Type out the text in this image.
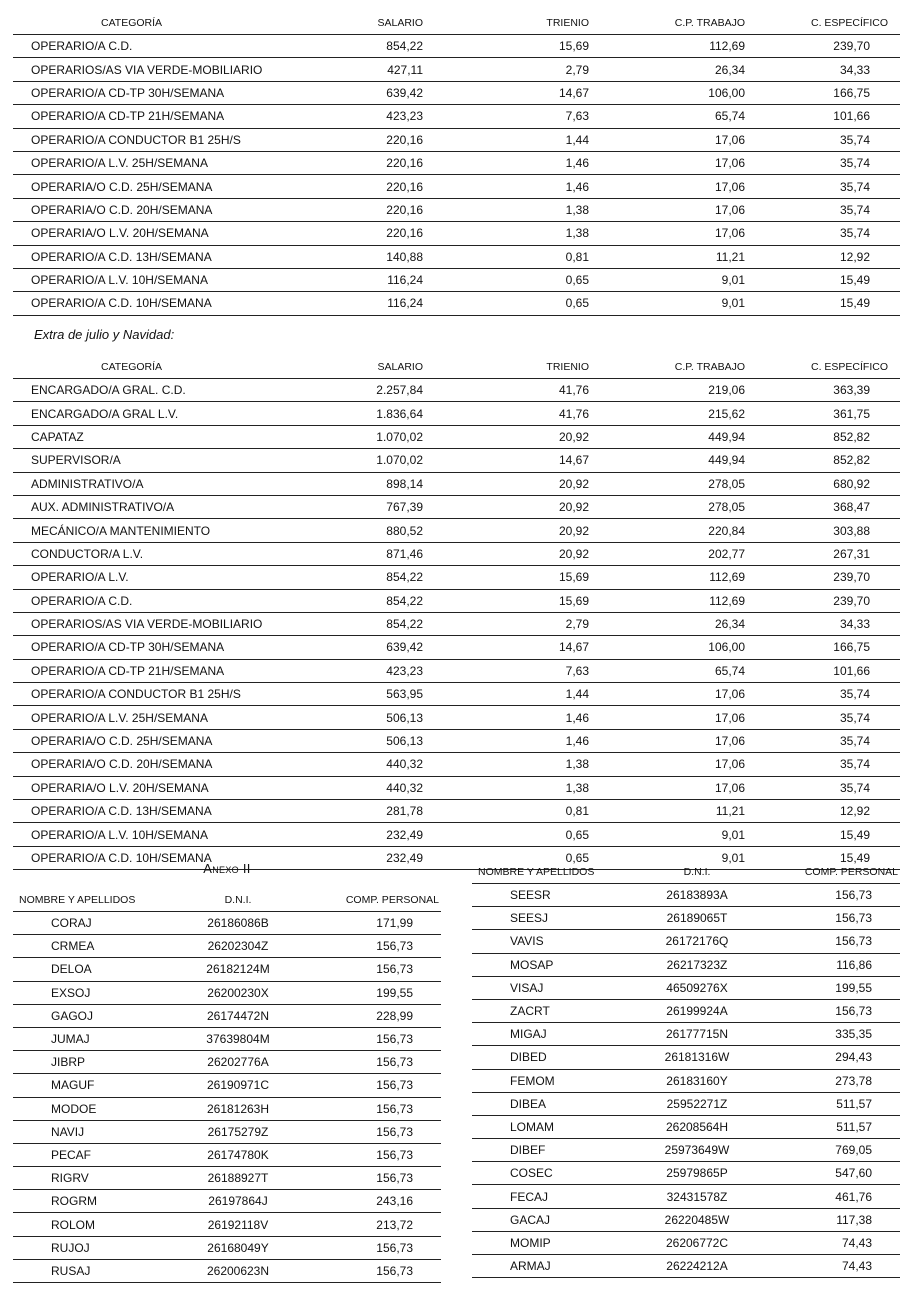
CATEGORÍA	SALARIO	TRIENIO	C.P. TRABAJO	C. ESPECÍFICO
OPERARIO/A C.D.	854,22	15,69	112,69	239,70
OPERARIOS/AS VIA VERDE-MOBILIARIO	427,11	2,79	26,34	34,33
OPERARIO/A CD-TP 30H/SEMANA	639,42	14,67	106,00	166,75
OPERARIO/A CD-TP 21H/SEMANA	423,23	7,63	65,74	101,66
OPERARIO/A CONDUCTOR B1 25H/S	220,16	1,44	17,06	35,74
OPERARIO/A L.V. 25H/SEMANA	220,16	1,46	17,06	35,74
OPERARIA/O C.D. 25H/SEMANA	220,16	1,46	17,06	35,74
OPERARIA/O C.D. 20H/SEMANA	220,16	1,38	17,06	35,74
OPERARIA/O L.V. 20H/SEMANA	220,16	1,38	17,06	35,74
OPERARIO/A C.D. 13H/SEMANA	140,88	0,81	11,21	12,92
OPERARIO/A L.V. 10H/SEMANA	116,24	0,65	9,01	15,49
OPERARIO/A C.D. 10H/SEMANA	116,24	0,65	9,01	15,49
Extra de julio y Navidad:
CATEGORÍA	SALARIO	TRIENIO	C.P. TRABAJO	C. ESPECÍFICO
ENCARGADO/A GRAL. C.D.	2.257,84	41,76	219,06	363,39
ENCARGADO/A GRAL L.V.	1.836,64	41,76	215,62	361,75
CAPATAZ	1.070,02	20,92	449,94	852,82
SUPERVISOR/A	1.070,02	14,67	449,94	852,82
ADMINISTRATIVO/A	898,14	20,92	278,05	680,92
AUX. ADMINISTRATIVO/A	767,39	20,92	278,05	368,47
MECÁNICO/A MANTENIMIENTO	880,52	20,92	220,84	303,88
CONDUCTOR/A L.V.	871,46	20,92	202,77	267,31
OPERARIO/A L.V.	854,22	15,69	112,69	239,70
OPERARIO/A C.D.	854,22	15,69	112,69	239,70
OPERARIOS/AS VIA VERDE-MOBILIARIO	854,22	2,79	26,34	34,33
OPERARIO/A CD-TP 30H/SEMANA	639,42	14,67	106,00	166,75
OPERARIO/A CD-TP 21H/SEMANA	423,23	7,63	65,74	101,66
OPERARIO/A CONDUCTOR B1 25H/S	563,95	1,44	17,06	35,74
OPERARIO/A L.V. 25H/SEMANA	506,13	1,46	17,06	35,74
OPERARIA/O C.D. 25H/SEMANA	506,13	1,46	17,06	35,74
OPERARIA/O C.D. 20H/SEMANA	440,32	1,38	17,06	35,74
OPERARIA/O L.V. 20H/SEMANA	440,32	1,38	17,06	35,74
OPERARIO/A C.D. 13H/SEMANA	281,78	0,81	11,21	12,92
OPERARIO/A L.V. 10H/SEMANA	232,49	0,65	9,01	15,49
OPERARIO/A C.D. 10H/SEMANA	232,49	0,65	9,01	15,49
Anexo II
NOMBRE Y APELLIDOS	D.N.I.	COMP. PERSONAL
CORAJ	26186086B	171,99
CRMEA	26202304Z	156,73
DELOA	26182124M	156,73
EXSOJ	26200230X	199,55
GAGOJ	26174472N	228,99
JUMAJ	37639804M	156,73
JIBRP	26202776A	156,73
MAGUF	26190971C	156,73
MODOE	26181263H	156,73
NAVIJ	26175279Z	156,73
PECAF	26174780K	156,73
RIGRV	26188927T	156,73
ROGRM	26197864J	243,16
ROLOM	26192118V	213,72
RUJOJ	26168049Y	156,73
RUSAJ	26200623N	156,73
NOMBRE Y APELLIDOS	D.N.I.	COMP. PERSONAL
SEESR	26183893A	156,73
SEESJ	26189065T	156,73
VAVIS	26172176Q	156,73
MOSAP	26217323Z	116,86
VISAJ	46509276X	199,55
ZACRT	26199924A	156,73
MIGAJ	26177715N	335,35
DIBED	26181316W	294,43
FEMOM	26183160Y	273,78
DIBEA	25952271Z	511,57
LOMAM	26208564H	511,57
DIBEF	25973649W	769,05
COSEC	25979865P	547,60
FECAJ	32431578Z	461,76
GACAJ	26220485W	117,38
MOMIP	26206772C	74,43
ARMAJ	26224212A	74,43
